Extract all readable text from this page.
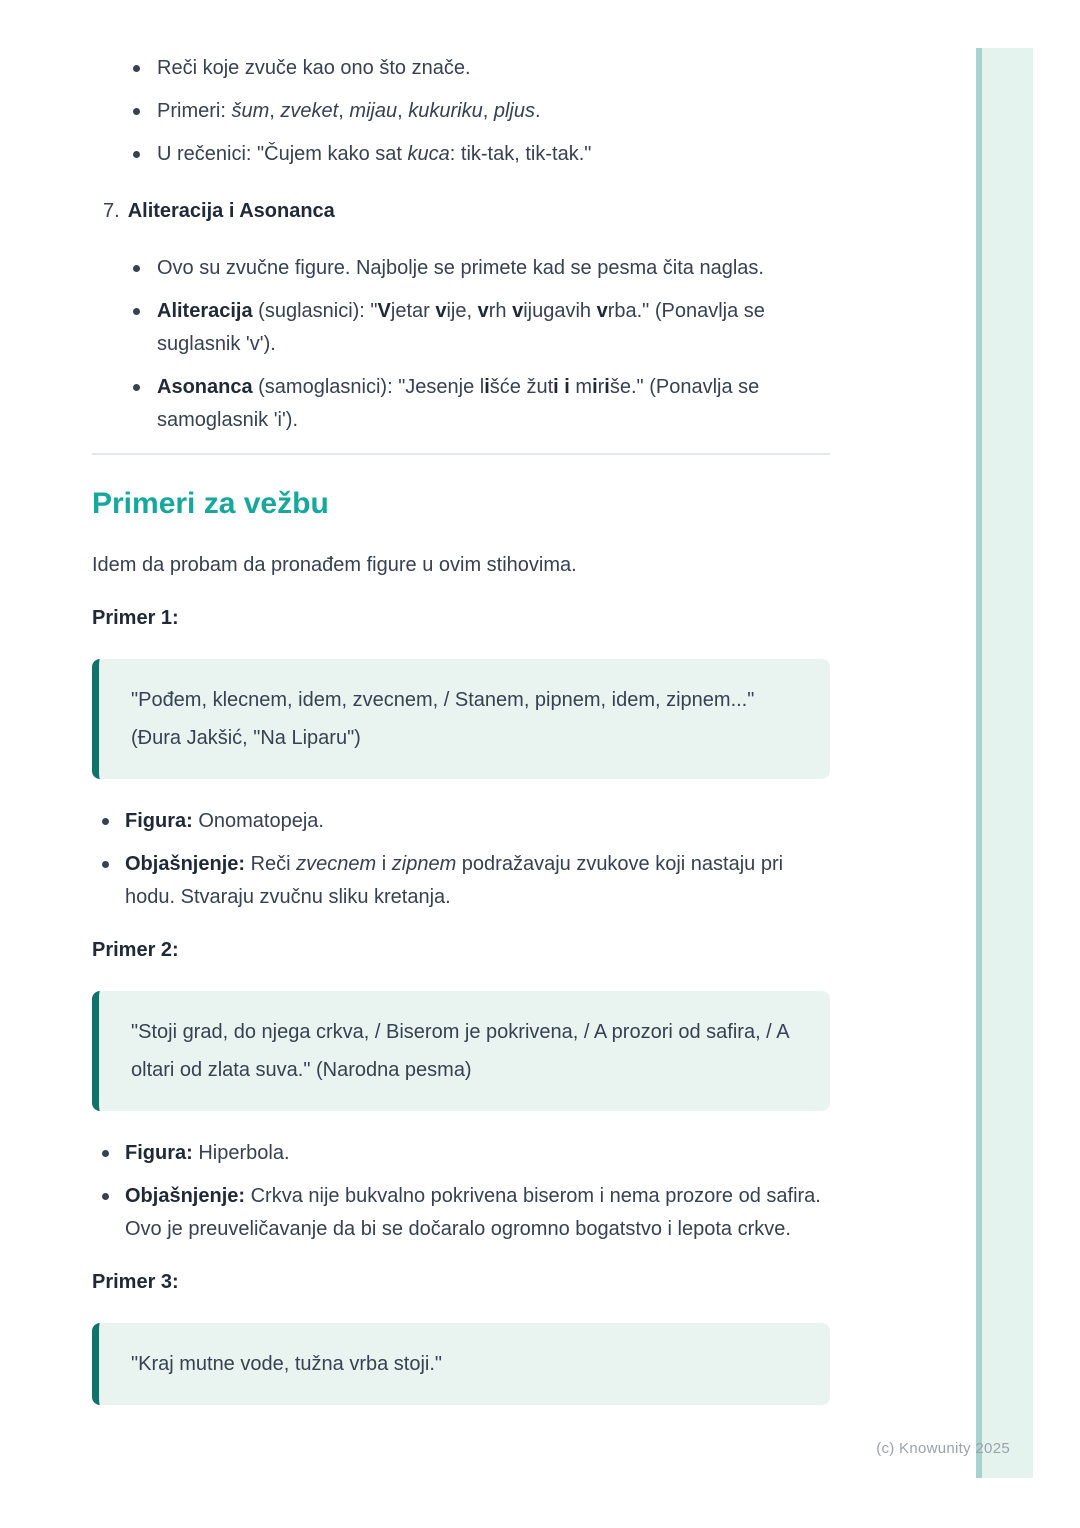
(c) Knowunity 2025
Reči koje zvuče kao ono što znače.
Primeri: šum, zveket, mijau, kukuriku, pljus.
U rečenici: "Čujem kako sat kuca: tik-tak, tik-tak."
7. Aliteracija i Asonanca
Ovo su zvučne figure. Najbolje se primete kad se pesma čita naglas.
Aliteracija (suglasnici): "Vjetar vije, vrh vijugavih vrba." (Ponavlja se suglasnik 'v').
Asonanca (samoglasnici): "Jesenje lišće žuti i miriše." (Ponavlja se samoglasnik 'i').
Primeri za vežbu

Idem da probam da pronađem figure u ovim stihovima.

Primer 1:

"Pođem, klecnem, idem, zvecnem, / Stanem, pipnem, idem, zipnem..." (Đura Jakšić, "Na Liparu")

Figura: Onomatopeja.
Objašnjenje: Reči zvecnem i zipnem podražavaju zvukove koji nastaju pri hodu. Stvaraju zvučnu sliku kretanja.

Primer 2:

"Stoji grad, do njega crkva, / Biserom je pokrivena, / A prozori od safira, / A oltari od zlata suva." (Narodna pesma)

Figura: Hiperbola.
Objašnjenje: Crkva nije bukvalno pokrivena biserom i nema prozore od safira. Ovo je preuveličavanje da bi se dočaralo ogromno bogatstvo i lepota crkve.

Primer 3:

"Kraj mutne vode, tužna vrba stoji."
